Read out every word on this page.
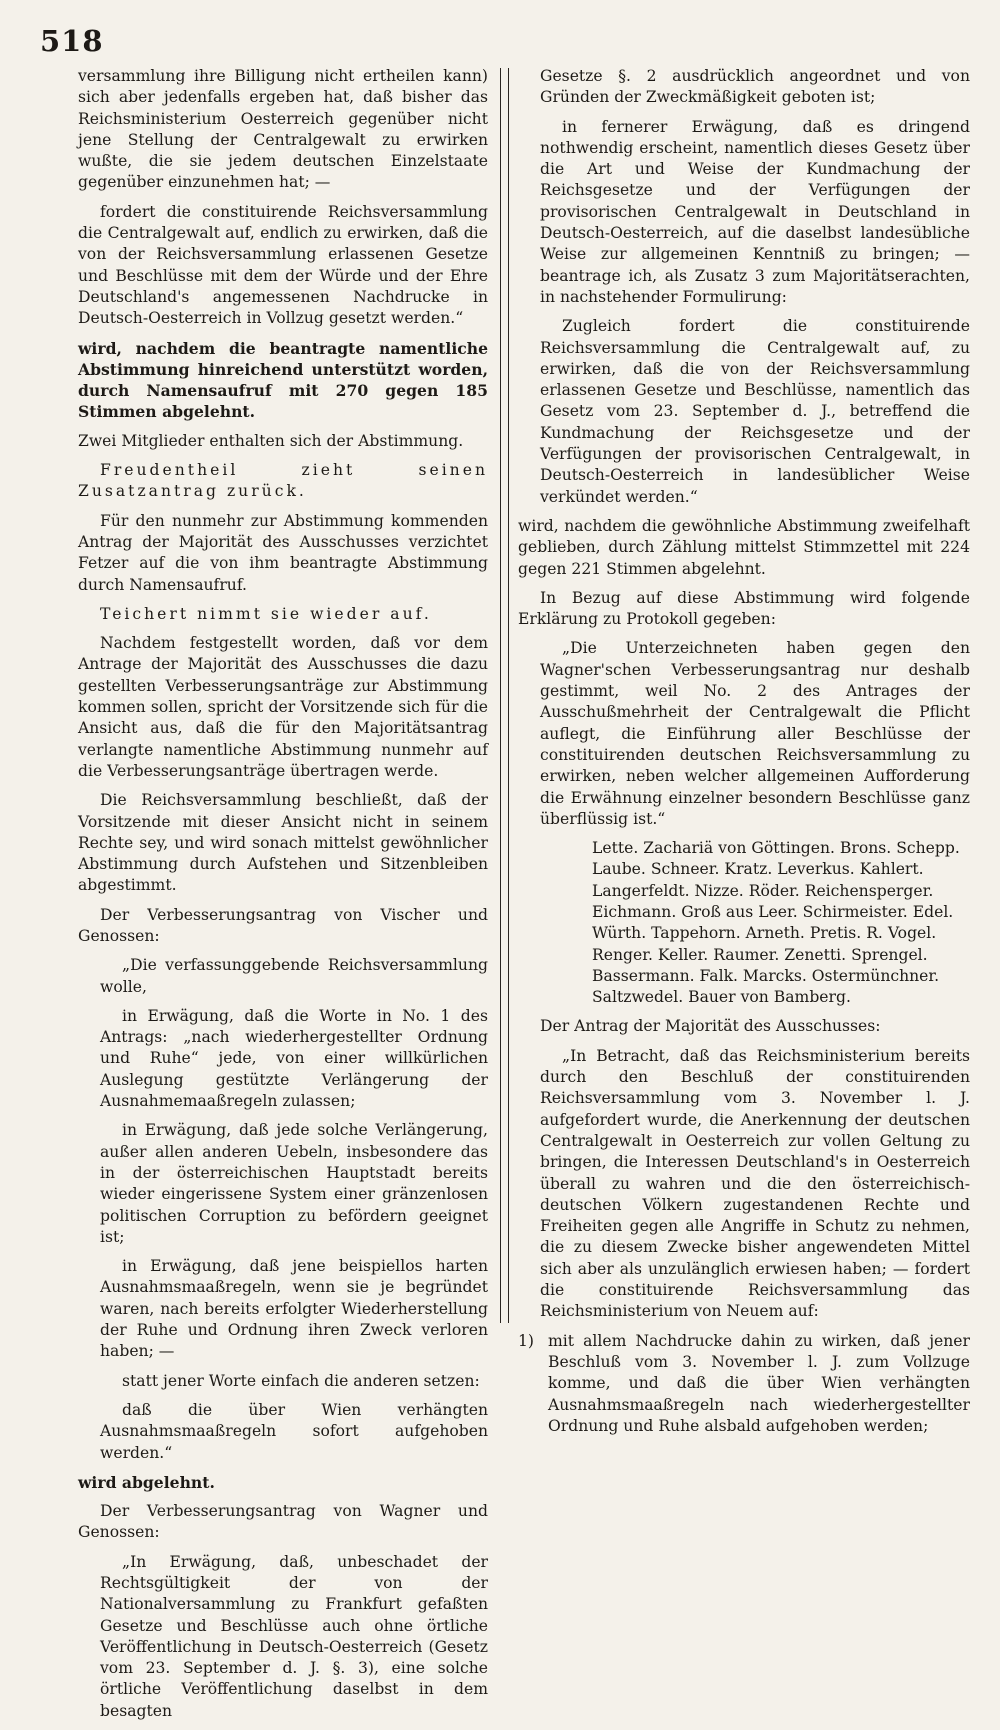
518

versammlung ihre Billigung nicht ertheilen kann) sich aber jedenfalls ergeben hat, daß bisher das Reichsministerium Oesterreich gegenüber nicht jene Stellung der Centralgewalt zu erwirken wußte, die sie jedem deutschen Einzelstaate gegenüber einzunehmen hat; —

fordert die constituirende Reichsversammlung die Centralgewalt auf, endlich zu erwirken, daß die von der Reichsversammlung erlassenen Gesetze und Beschlüsse mit dem der Würde und der Ehre Deutschland's angemessenen Nachdrucke in Deutsch-Oesterreich in Vollzug gesetzt werden.“

wird, nachdem die beantragte namentliche Abstimmung hinreichend unterstützt worden, durch Namensaufruf mit 270 gegen 185 Stimmen abgelehnt.

Zwei Mitglieder enthalten sich der Abstimmung.

Freudentheil zieht seinen Zusatzantrag zurück.

Für den nunmehr zur Abstimmung kommenden Antrag der Majorität des Ausschusses verzichtet Fetzer auf die von ihm beantragte Abstimmung durch Namensaufruf.

Teichert nimmt sie wieder auf.

Nachdem festgestellt worden, daß vor dem Antrage der Majorität des Ausschusses die dazu gestellten Verbesserungsanträge zur Abstimmung kommen sollen, spricht der Vorsitzende sich für die Ansicht aus, daß die für den Majoritätsantrag verlangte namentliche Abstimmung nunmehr auf die Verbesserungsanträge übertragen werde.

Die Reichsversammlung beschließt, daß der Vorsitzende mit dieser Ansicht nicht in seinem Rechte sey, und wird sonach mittelst gewöhnlicher Abstimmung durch Aufstehen und Sitzenbleiben abgestimmt.

Der Verbesserungsantrag von Vischer und Genossen:

„Die verfassunggebende Reichsversammlung wolle,

in Erwägung, daß die Worte in No. 1 des Antrags: „nach wiederhergestellter Ordnung und Ruhe“ jede, von einer willkürlichen Auslegung gestützte Verlängerung der Ausnahmemaaßregeln zulassen;

in Erwägung, daß jede solche Verlängerung, außer allen anderen Uebeln, insbesondere das in der österreichischen Hauptstadt bereits wieder eingerissene System einer gränzenlosen politischen Corruption zu befördern geeignet ist;

in Erwägung, daß jene beispiellos harten Ausnahmsmaaßregeln, wenn sie je begründet waren, nach bereits erfolgter Wiederherstellung der Ruhe und Ordnung ihren Zweck verloren haben; —

statt jener Worte einfach die anderen setzen:

daß die über Wien verhängten Ausnahmsmaaßregeln sofort aufgehoben werden.“

wird abgelehnt.

Der Verbesserungsantrag von Wagner und Genossen:

„In Erwägung, daß, unbeschadet der Rechtsgültigkeit der von der Nationalversammlung zu Frankfurt gefaßten Gesetze und Beschlüsse auch ohne örtliche Veröffentlichung in Deutsch-Oesterreich (Gesetz vom 23. September d. J. §. 3), eine solche örtliche Veröffentlichung daselbst in dem besagten

Gesetze §. 2 ausdrücklich angeordnet und von Gründen der Zweckmäßigkeit geboten ist;

in fernerer Erwägung, daß es dringend nothwendig erscheint, namentlich dieses Gesetz über die Art und Weise der Kundmachung der Reichsgesetze und der Verfügungen der provisorischen Centralgewalt in Deutschland in Deutsch-Oesterreich, auf die daselbst landesübliche Weise zur allgemeinen Kenntniß zu bringen; — beantrage ich, als Zusatz 3 zum Majoritätserachten, in nachstehender Formulirung:

Zugleich fordert die constituirende Reichsversammlung die Centralgewalt auf, zu erwirken, daß die von der Reichsversammlung erlassenen Gesetze und Beschlüsse, namentlich das Gesetz vom 23. September d. J., betreffend die Kundmachung der Reichsgesetze und der Verfügungen der provisorischen Centralgewalt, in Deutsch-Oesterreich in landesüblicher Weise verkündet werden.“

wird, nachdem die gewöhnliche Abstimmung zweifelhaft geblieben, durch Zählung mittelst Stimmzettel mit 224 gegen 221 Stimmen abgelehnt.

In Bezug auf diese Abstimmung wird folgende Erklärung zu Protokoll gegeben:

„Die Unterzeichneten haben gegen den Wagner'schen Verbesserungsantrag nur deshalb gestimmt, weil No. 2 des Antrages der Ausschußmehrheit der Centralgewalt die Pflicht auflegt, die Einführung aller Beschlüsse der constituirenden deutschen Reichsversammlung zu erwirken, neben welcher allgemeinen Aufforderung die Erwähnung einzelner besondern Beschlüsse ganz überflüssig ist.“

Lette. Zachariä von Göttingen. Brons. Schepp. Laube. Schneer. Kratz. Leverkus. Kahlert. Langerfeldt. Nizze. Röder. Reichensperger. Eichmann. Groß aus Leer. Schirmeister. Edel. Würth. Tappehorn. Arneth. Pretis. R. Vogel. Renger. Keller. Raumer. Zenetti. Sprengel. Bassermann. Falk. Marcks. Ostermünchner. Saltzwedel. Bauer von Bamberg.

Der Antrag der Majorität des Ausschusses:

„In Betracht, daß das Reichsministerium bereits durch den Beschluß der constituirenden Reichsversammlung vom 3. November l. J. aufgefordert wurde, die Anerkennung der deutschen Centralgewalt in Oesterreich zur vollen Geltung zu bringen, die Interessen Deutschland's in Oesterreich überall zu wahren und die den österreichisch-deutschen Völkern zugestandenen Rechte und Freiheiten gegen alle Angriffe in Schutz zu nehmen, die zu diesem Zwecke bisher angewendeten Mittel sich aber als unzulänglich erwiesen haben; — fordert die constituirende Reichsversammlung das Reichsministerium von Neuem auf:

1) mit allem Nachdrucke dahin zu wirken, daß jener Beschluß vom 3. November l. J. zum Vollzuge komme, und daß die über Wien verhängten Ausnahmsmaaßregeln nach wiederhergestellter Ordnung und Ruhe alsbald aufgehoben werden;
